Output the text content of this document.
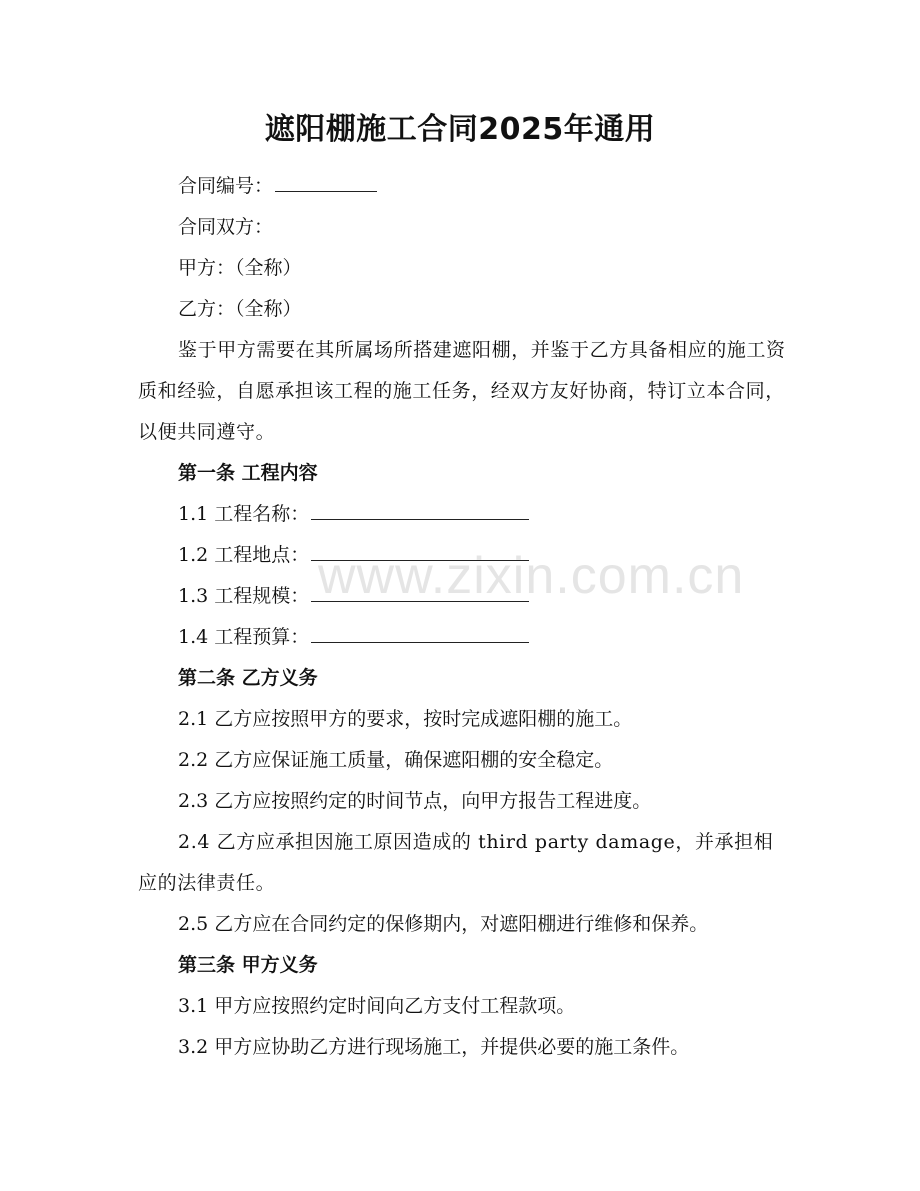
遮阳棚施工合同2025年通用
合同编号：
合同双方：
甲方：（全称）
乙方：（全称）
鉴于甲方需要在其所属场所搭建遮阳棚，并鉴于乙方具备相应的施工资质和经验，自愿承担该工程的施工任务，经双方友好协商，特订立本合同，以便共同遵守。
第一条 工程内容
1.1 工程名称：
1.2 工程地点：
1.3 工程规模：
1.4 工程预算：
第二条 乙方义务
2.1 乙方应按照甲方的要求，按时完成遮阳棚的施工。
2.2 乙方应保证施工质量，确保遮阳棚的安全稳定。
2.3 乙方应按照约定的时间节点，向甲方报告工程进度。
2.4 乙方应承担因施工原因造成的 third party damage，并承担相应的法律责任。
2.5 乙方应在合同约定的保修期内，对遮阳棚进行维修和保养。
第三条 甲方义务
3.1 甲方应按照约定时间向乙方支付工程款项。
3.2 甲方应协助乙方进行现场施工，并提供必要的施工条件。
www.zixin.com.cn
